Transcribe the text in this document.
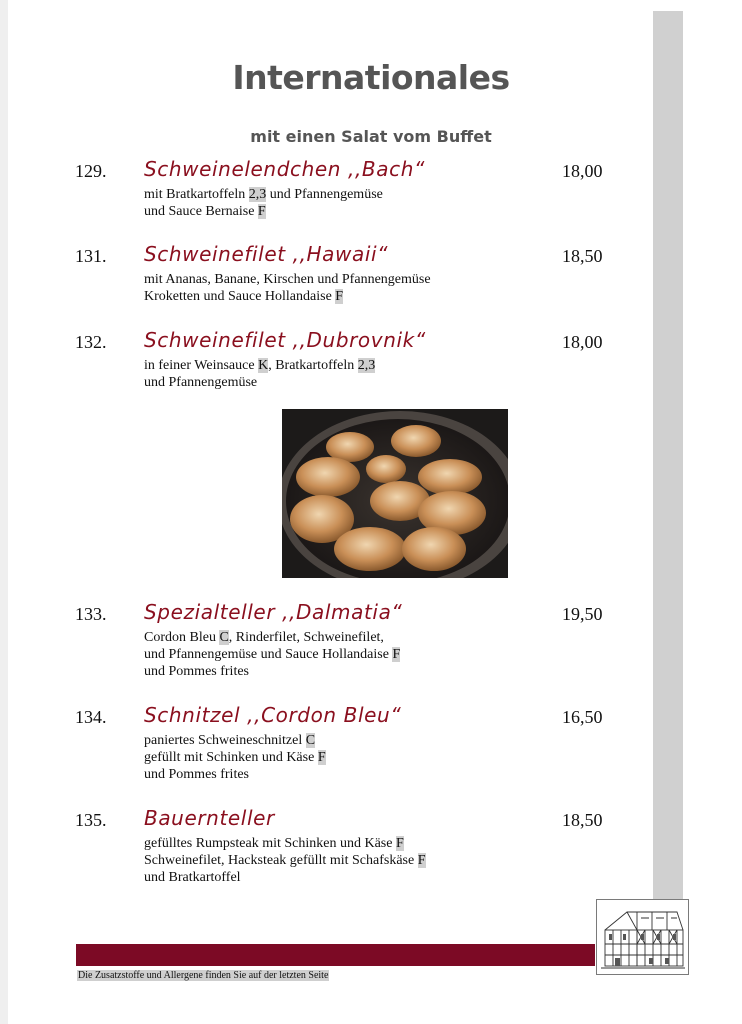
Internationales
mit einen Salat vom Buffet
129. Schweinelendchen ,,Bach“	18,00
mit Bratkartoffeln 2,3 und Pfannengemüse
und Sauce Bernaise F
131. Schweinefilet ,,Hawaii“	18,50
mit Ananas, Banane, Kirschen und Pfannengemüse
Kroketten und Sauce Hollandaise F
132. Schweinefilet ,,Dubrovnik“	18,00
in feiner Weinsauce K, Bratkartoffeln 2,3
und Pfannengemüse
133. Spezialteller ,,Dalmatia“	19,50
Cordon Bleu C, Rinderfilet, Schweinefilet,
und Pfannengemüse und Sauce Hollandaise F
und Pommes frites
134. Schnitzel ,,Cordon Bleu“	16,50
paniertes Schweineschnitzel C
gefüllt mit Schinken und Käse F
und Pommes frites
135. Bauernteller	18,50
gefülltes Rumpsteak mit Schinken und Käse F
Schweinefilet, Hackstеak gefüllt mit Schafskäse F
und Bratkartoffel
Die Zusatzstoffe und Allergene finden Sie auf der letzten Seite
